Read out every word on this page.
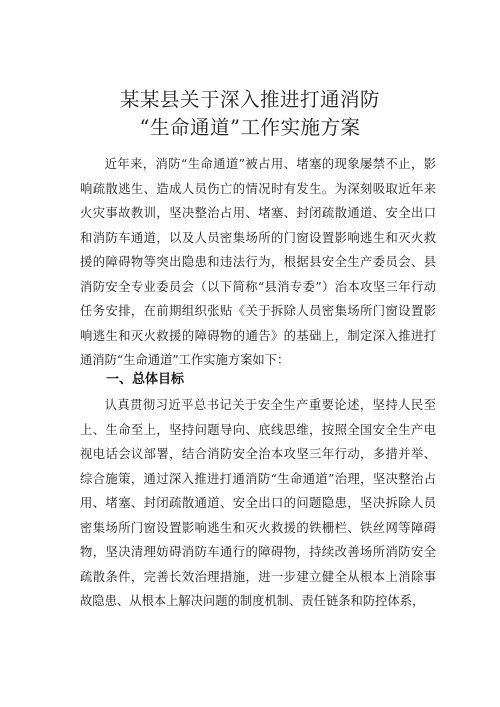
某某县关于深入推进打通消防
“生命通道”工作实施方案

近年来，消防“生命通道”被占用、堵塞的现象屡禁不止，影响疏散逃生、造成人员伤亡的情况时有发生。为深刻吸取近年来火灾事故教训，坚决整治占用、堵塞、封闭疏散通道、安全出口和消防车通道，以及人员密集场所的门窗设置影响逃生和灭火救援的障碍物等突出隐患和违法行为，根据县安全生产委员会、县消防安全专业委员会（以下简称“县消专委”）治本攻坚三年行动任务安排，在前期组织张贴《关于拆除人员密集场所门窗设置影响逃生和灭火救援的障碍物的通告》的基础上，制定深入推进打通消防“生命通道”工作实施方案如下：

一、总体目标

认真贯彻习近平总书记关于安全生产重要论述，坚持人民至上、生命至上，坚持问题导向、底线思维，按照全国安全生产电视电话会议部署，结合消防安全治本攻坚三年行动，多措并举、综合施策，通过深入推进打通消防“生命通道”治理，坚决整治占用、堵塞、封闭疏散通道、安全出口的问题隐患，坚决拆除人员密集场所门窗设置影响逃生和灭火救援的铁栅栏、铁丝网等障碍物，坚决清理妨碍消防车通行的障碍物，持续改善场所消防安全疏散条件，完善长效治理措施，进一步建立健全从根本上消除事故隐患、从根本上解决问题的制度机制、责任链条和防控体系，
